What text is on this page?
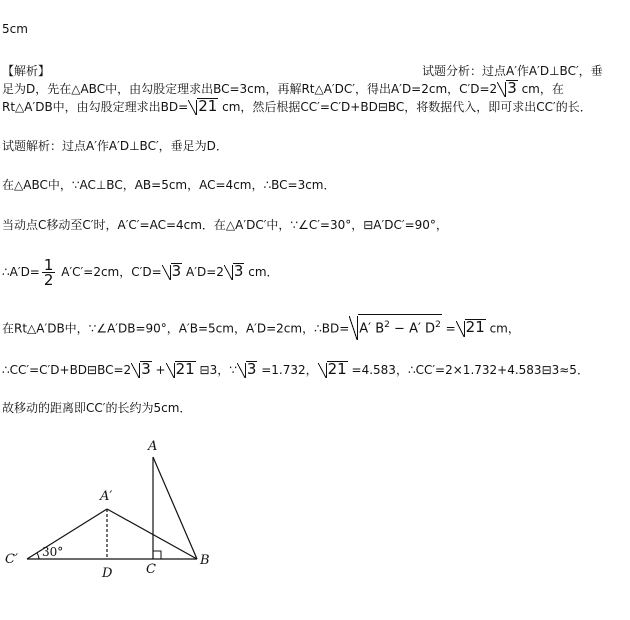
5cm
【解析】	试题分析：过点A′作A′D⊥BC′，垂
足为D，先在△ABC中，由勾股定理求出BC=3cm，再解Rt△A′DC′，得出A′D=2cm，C′D=2 3 cm，在
Rt△A′DB中，由勾股定理求出BD= 21 cm，然后根据CC′=C′D+BD⊟BC，将数据代入，即可求出CC′的长．
试题解析：过点A′作A′D⊥BC′，垂足为D．
在△ABC中，∵AC⊥BC，AB=5cm，AC=4cm，∴BC=3cm．
当动点C移动至C′时，A′C′=AC=4cm．在△A′DC′中，∵∠C′=30°，⊟A′DC′=90°，
∴A′D= $\frac{1}{2} A'C'=2cm$，C′D= 3 A′D=2 3 cm．
在Rt△A′DB中，∵∠A′DB=90°，A′B=5cm，A′D=2cm，∴BD= A′ $B^2 - A'$ $D^2 = 21$ cm，
∴CC′=C′D+BD⊟BC=2 3 + 21 ⊟3，∵ 3 =1.732， 21 =4.583，∴CC′=2×1.732+4.583⊟3≈5．
故移动的距离即CC′的长约为5cm．
A
A′
C′ 30°
D	C
B
